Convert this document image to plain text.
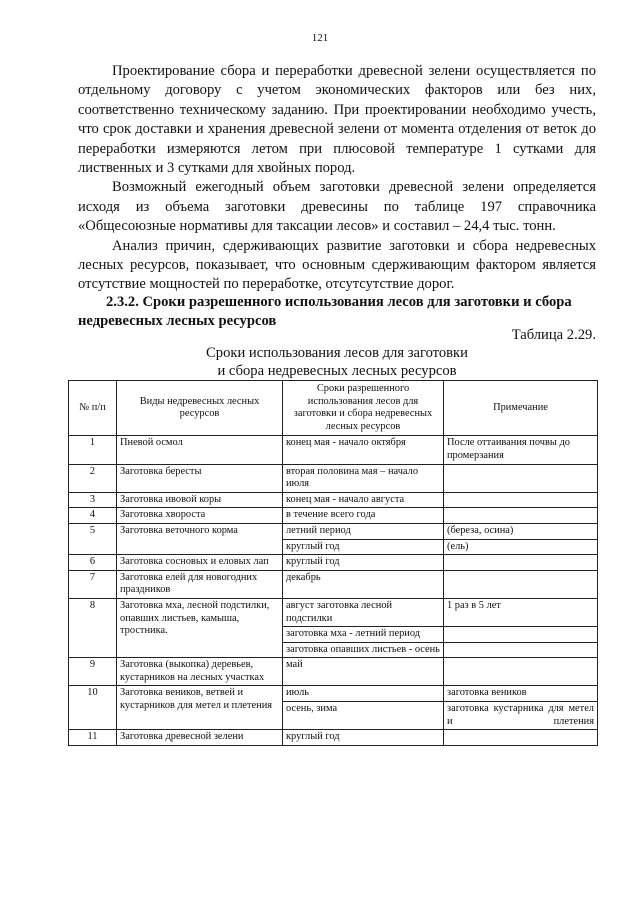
121

Проектирование сбора и переработки древесной зелени осуществляется по отдельному договору с учетом экономических факторов или без них, соответственно техническому заданию. При проектировании необходимо учесть, что срок доставки и хранения древесной зелени от момента отделения от веток до переработки измеряются летом при плюсовой температуре 1 сутками для лиственных и 3 сутками для хвойных пород.

Возможный ежегодный объем заготовки древесной зелени определяется исходя из объема заготовки древесины по таблице 197 справочника «Общесоюзные нормативы для таксации лесов» и составил – 24,4 тыс. тонн.

Анализ причин, сдерживающих развитие заготовки и сбора недревесных лесных ресурсов, показывает, что основным сдерживающим фактором является отсутствие мощностей по переработке, отсутсутствие дорог.

2.3.2. Сроки разрешенного использования лесов для заготовки и сбора недревесных лесных ресурсов
Таблица 2.29.
Сроки использования лесов для заготовки
и сбора недревесных лесных ресурсов
№ п/п	Виды недревесных лесных ресурсов	Сроки разрешенного использования лесов для заготовки и сбора недревесных лесных ресурсов	Примечание
1	Пневой осмол	конец мая - начало октября	После оттаивания почвы до промерзания
2	Заготовка бересты	вторая половина мая – начало июля	
3	Заготовка ивовой коры	конец мая - начало августа	
4	Заготовка хвороста	в течение всего года	
5	Заготовка веточного корма	летний период	(береза, осина)
		круглый год	(ель)
6	Заготовка сосновых и еловых лап	круглый год	
7	Заготовка елей для новогодних праздников	декабрь	
8	Заготовка мха, лесной подстилки, опавших листьев, камыша, тростника.	август заготовка лесной подстилки	1 раз в 5 лет
		заготовка мха - летний период	
		заготовка опавших листьев - осень	
9	Заготовка (выкопка) деревьев, кустарников на лесных участках	май	
10	Заготовка веников, ветвей и кустарников для метел и плетения	июль	заготовка веников
		осень, зима	заготовка кустарника для метел и плетения
11	Заготовка древесной зелени	круглый год	
